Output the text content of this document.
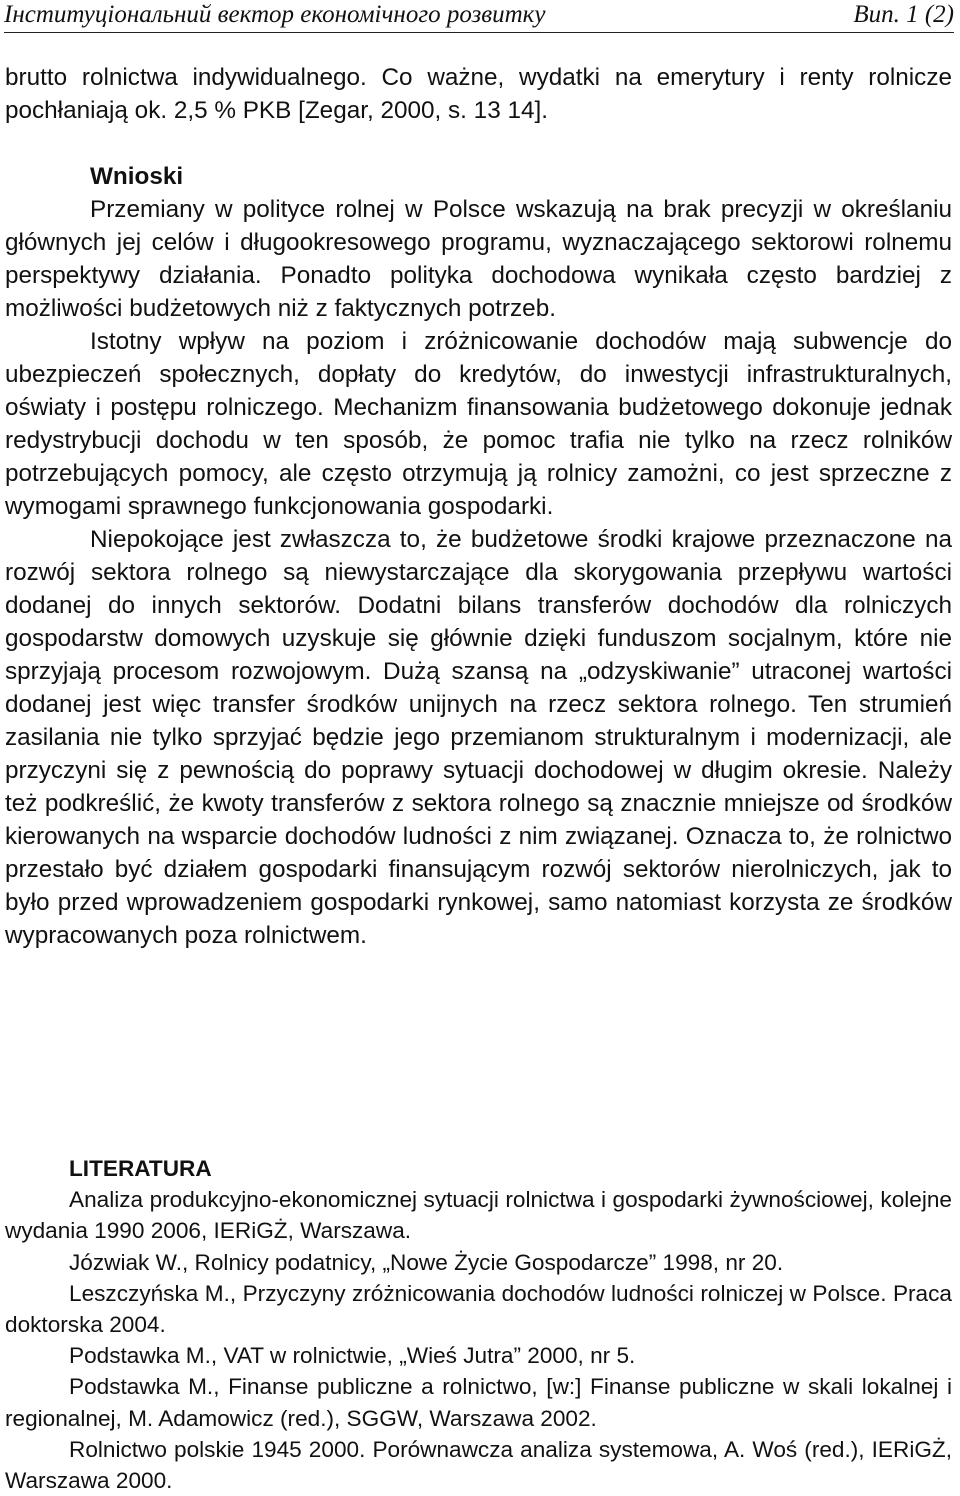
Інституціональний вектор економічного розвитку	Вип. 1 (2)

brutto rolnictwa indywidualnego. Co ważne, wydatki na emerytury i renty rolnicze pochłaniają ok. 2,5 % PKB [Zegar, 2000, s. 13 14].

Wnioski

Przemiany w polityce rolnej w Polsce wskazują na brak precyzji w określaniu głównych jej celów i długookresowego programu, wyznaczającego sektorowi rolnemu perspektywy działania. Ponadto polityka dochodowa wynikała często bardziej z możliwości budżetowych niż z faktycznych potrzeb.

Istotny wpływ na poziom i zróżnicowanie dochodów mają subwencje do ubezpieczeń społecznych, dopłaty do kredytów, do inwestycji infrastrukturalnych, oświaty i postępu rolniczego. Mechanizm finansowania budżetowego dokonuje jednak redystrybucji dochodu w ten sposób, że pomoc trafia nie tylko na rzecz rolników potrzebujących pomocy, ale często otrzymują ją rolnicy zamożni, co jest sprzeczne z wymogami sprawnego funkcjonowania gospodarki.

Niepokojące jest zwłaszcza to, że budżetowe środki krajowe przeznaczone na rozwój sektora rolnego są niewystarczające dla skorygowania przepływu wartości dodanej do innych sektorów. Dodatni bilans transferów dochodów dla rolniczych gospodarstw domowych uzyskuje się głównie dzięki funduszom socjalnym, które nie sprzyjają procesom rozwojowym. Dużą szansą na „odzyskiwanie” utraconej wartości dodanej jest więc transfer środków unijnych na rzecz sektora rolnego. Ten strumień zasilania nie tylko sprzyjać będzie jego przemianom strukturalnym i modernizacji, ale przyczyni się z pewnością do poprawy sytuacji dochodowej w długim okresie. Należy też podkreślić, że kwoty transferów z sektora rolnego są znacznie mniejsze od środków kierowanych na wsparcie dochodów ludności z nim związanej. Oznacza to, że rolnictwo przestało być działem gospodarki finansującym rozwój sektorów nierolniczych, jak to było przed wprowadzeniem gospodarki rynkowej, samo natomiast korzysta ze środków wypracowanych poza rolnictwem.

LITERATURA

Analiza produkcyjno-ekonomicznej sytuacji rolnictwa i gospodarki żywnościowej, kolejne wydania 1990 2006, IERiGŻ, Warszawa.

Józwiak W., Rolnicy podatnicy, „Nowe Życie Gospodarcze” 1998, nr 20.

Leszczyńska M., Przyczyny zróżnicowania dochodów ludności rolniczej w Polsce. Praca doktorska 2004.

Podstawka M., VAT w rolnictwie, „Wieś Jutra” 2000, nr 5.

Podstawka M., Finanse publiczne a rolnictwo, [w:] Finanse publiczne w skali lokalnej i regionalnej, M. Adamowicz (red.), SGGW, Warszawa 2002.

Rolnictwo polskie 1945 2000. Porównawcza analiza systemowa, A. Woś (red.), IERiGŻ, Warszawa 2000.
